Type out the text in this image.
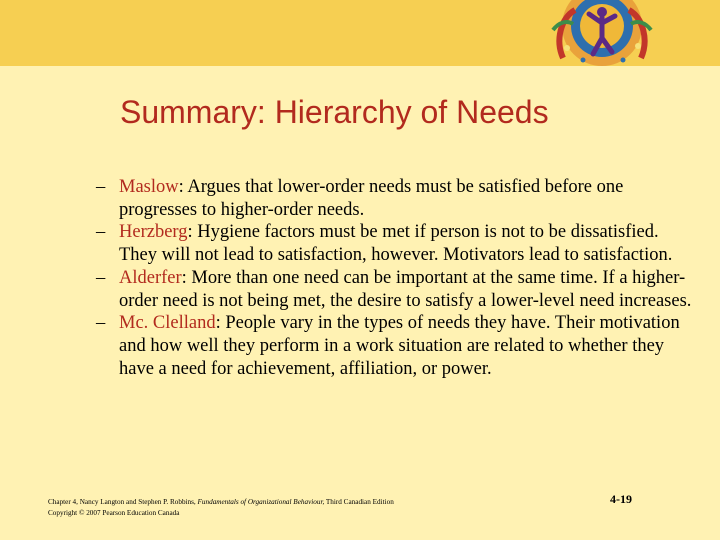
Summary: Hierarchy of Needs
– Maslow: Argues that lower-order needs must be satisfied before one progresses to higher-order needs.
– Herzberg: Hygiene factors must be met if person is not to be dissatisfied. They will not lead to satisfaction, however. Motivators lead to satisfaction.
– Alderfer: More than one need can be important at the same time. If a higher-order need is not being met, the desire to satisfy a lower-level need increases.
– Mc. Clelland: People vary in the types of needs they have. Their motivation and how well they perform in a work situation are related to whether they have a need for achievement, affiliation, or power.
Chapter 4, Nancy Langton and Stephen P. Robbins, Fundamentals of Organizational Behaviour, Third Canadian Edition
Copyright © 2007 Pearson Education Canada
4-19
